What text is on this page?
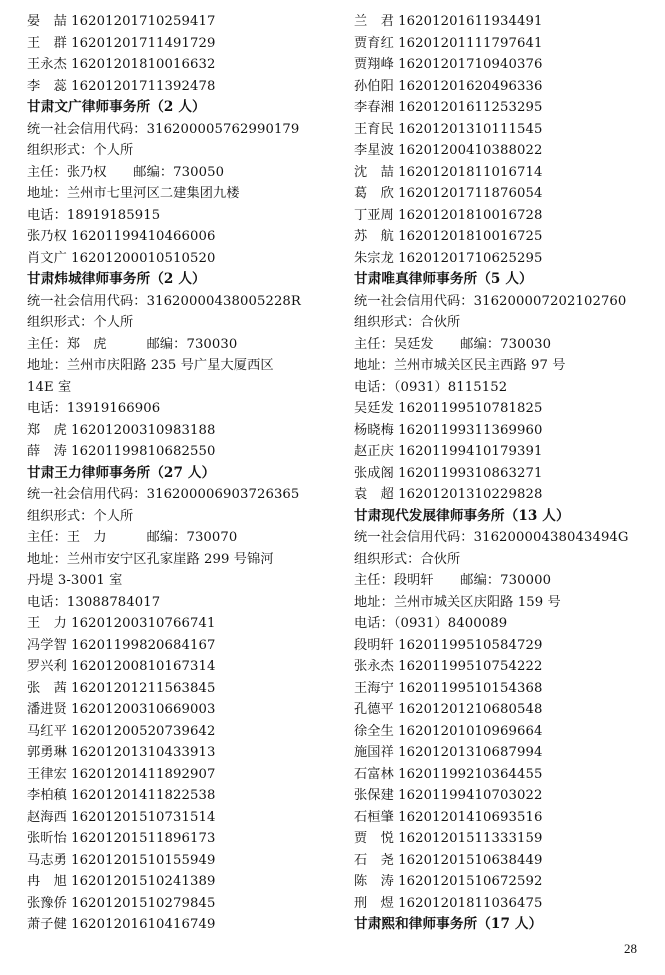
晏　喆 16201201710259417
王　群 16201201711491729
王永杰 16201201810016632
李　蕊 16201201711392478
甘肃文广律师事务所（2 人）
统一社会信用代码：316200005762990179
组织形式：个人所
主任：张乃权　　邮编：730050
地址：兰州市七里河区二建集团九楼
电话：18919185915
张乃权 16201199410466006
肖文广 16201200010510520
甘肃炜城律师事务所（2 人）
统一社会信用代码：31620000438005228R
组织形式：个人所
主任：郑　虎　　　邮编：730030
地址：兰州市庆阳路 235 号广星大厦西区
14E 室
电话：13919166906
郑　虎 16201200310983188
薛　涛 16201199810682550
甘肃王力律师事务所（27 人）
统一社会信用代码：316200006903726365
组织形式：个人所
主任：王　力　　　邮编：730070
地址：兰州市安宁区孔家崖路 299 号锦河
丹堤 3-3001 室
电话：13088784017
王　力 16201200310766741
冯学智 16201199820684167
罗兴利 16201200810167314
张　茜 16201201211563845
潘进贤 16201200310669003
马红平 16201200520739642
郭勇琳 16201201310433913
王律宏 16201201411892907
李柏稹 16201201411822538
赵海西 16201201510731514
张昕怡 16201201511896173
马志勇 16201201510155949
冉　旭 16201201510241389
张豫侨 16201201510279845
萧子健 16201201610416749
兰　君 16201201611934491
贾育红 16201201111797641
贾翔峰 16201201710940376
孙伯阳 16201201620496336
李春湘 16201201611253295
王育民 16201201310111545
李星波 16201200410388022
沈　喆 16201201811016714
葛　欣 16201201711876054
丁亚周 16201201810016728
苏　航 16201201810016725
朱宗龙 16201201710625295
甘肃唯真律师事务所（5 人）
统一社会信用代码：316200007202102760
组织形式：合伙所
主任：吴廷发　　邮编：730030
地址：兰州市城关区民主西路 97 号
电话：（0931）8115152
吴廷发 16201199510781825
杨晓梅 16201199311369960
赵正庆 16201199410179391
张成阁 16201199310863271
袁　超 16201201310229828
甘肃现代发展律师事务所（13 人）
统一社会信用代码：31620000438043494G
组织形式：合伙所
主任：段明轩　　邮编：730000
地址：兰州市城关区庆阳路 159 号
电话：（0931）8400089
段明轩 16201199510584729
张永杰 16201199510754222
王海宁 16201199510154368
孔德平 16201201210680548
徐全生 16201201010969664
施国祥 16201201310687994
石富林 16201199210364455
张保建 16201199410703022
石桓肇 16201201410693516
贾　悦 16201201511333159
石　尧 16201201510638449
陈　涛 16201201510672592
刑　煜 16201201811036475
甘肃熙和律师事务所（17 人）
28
